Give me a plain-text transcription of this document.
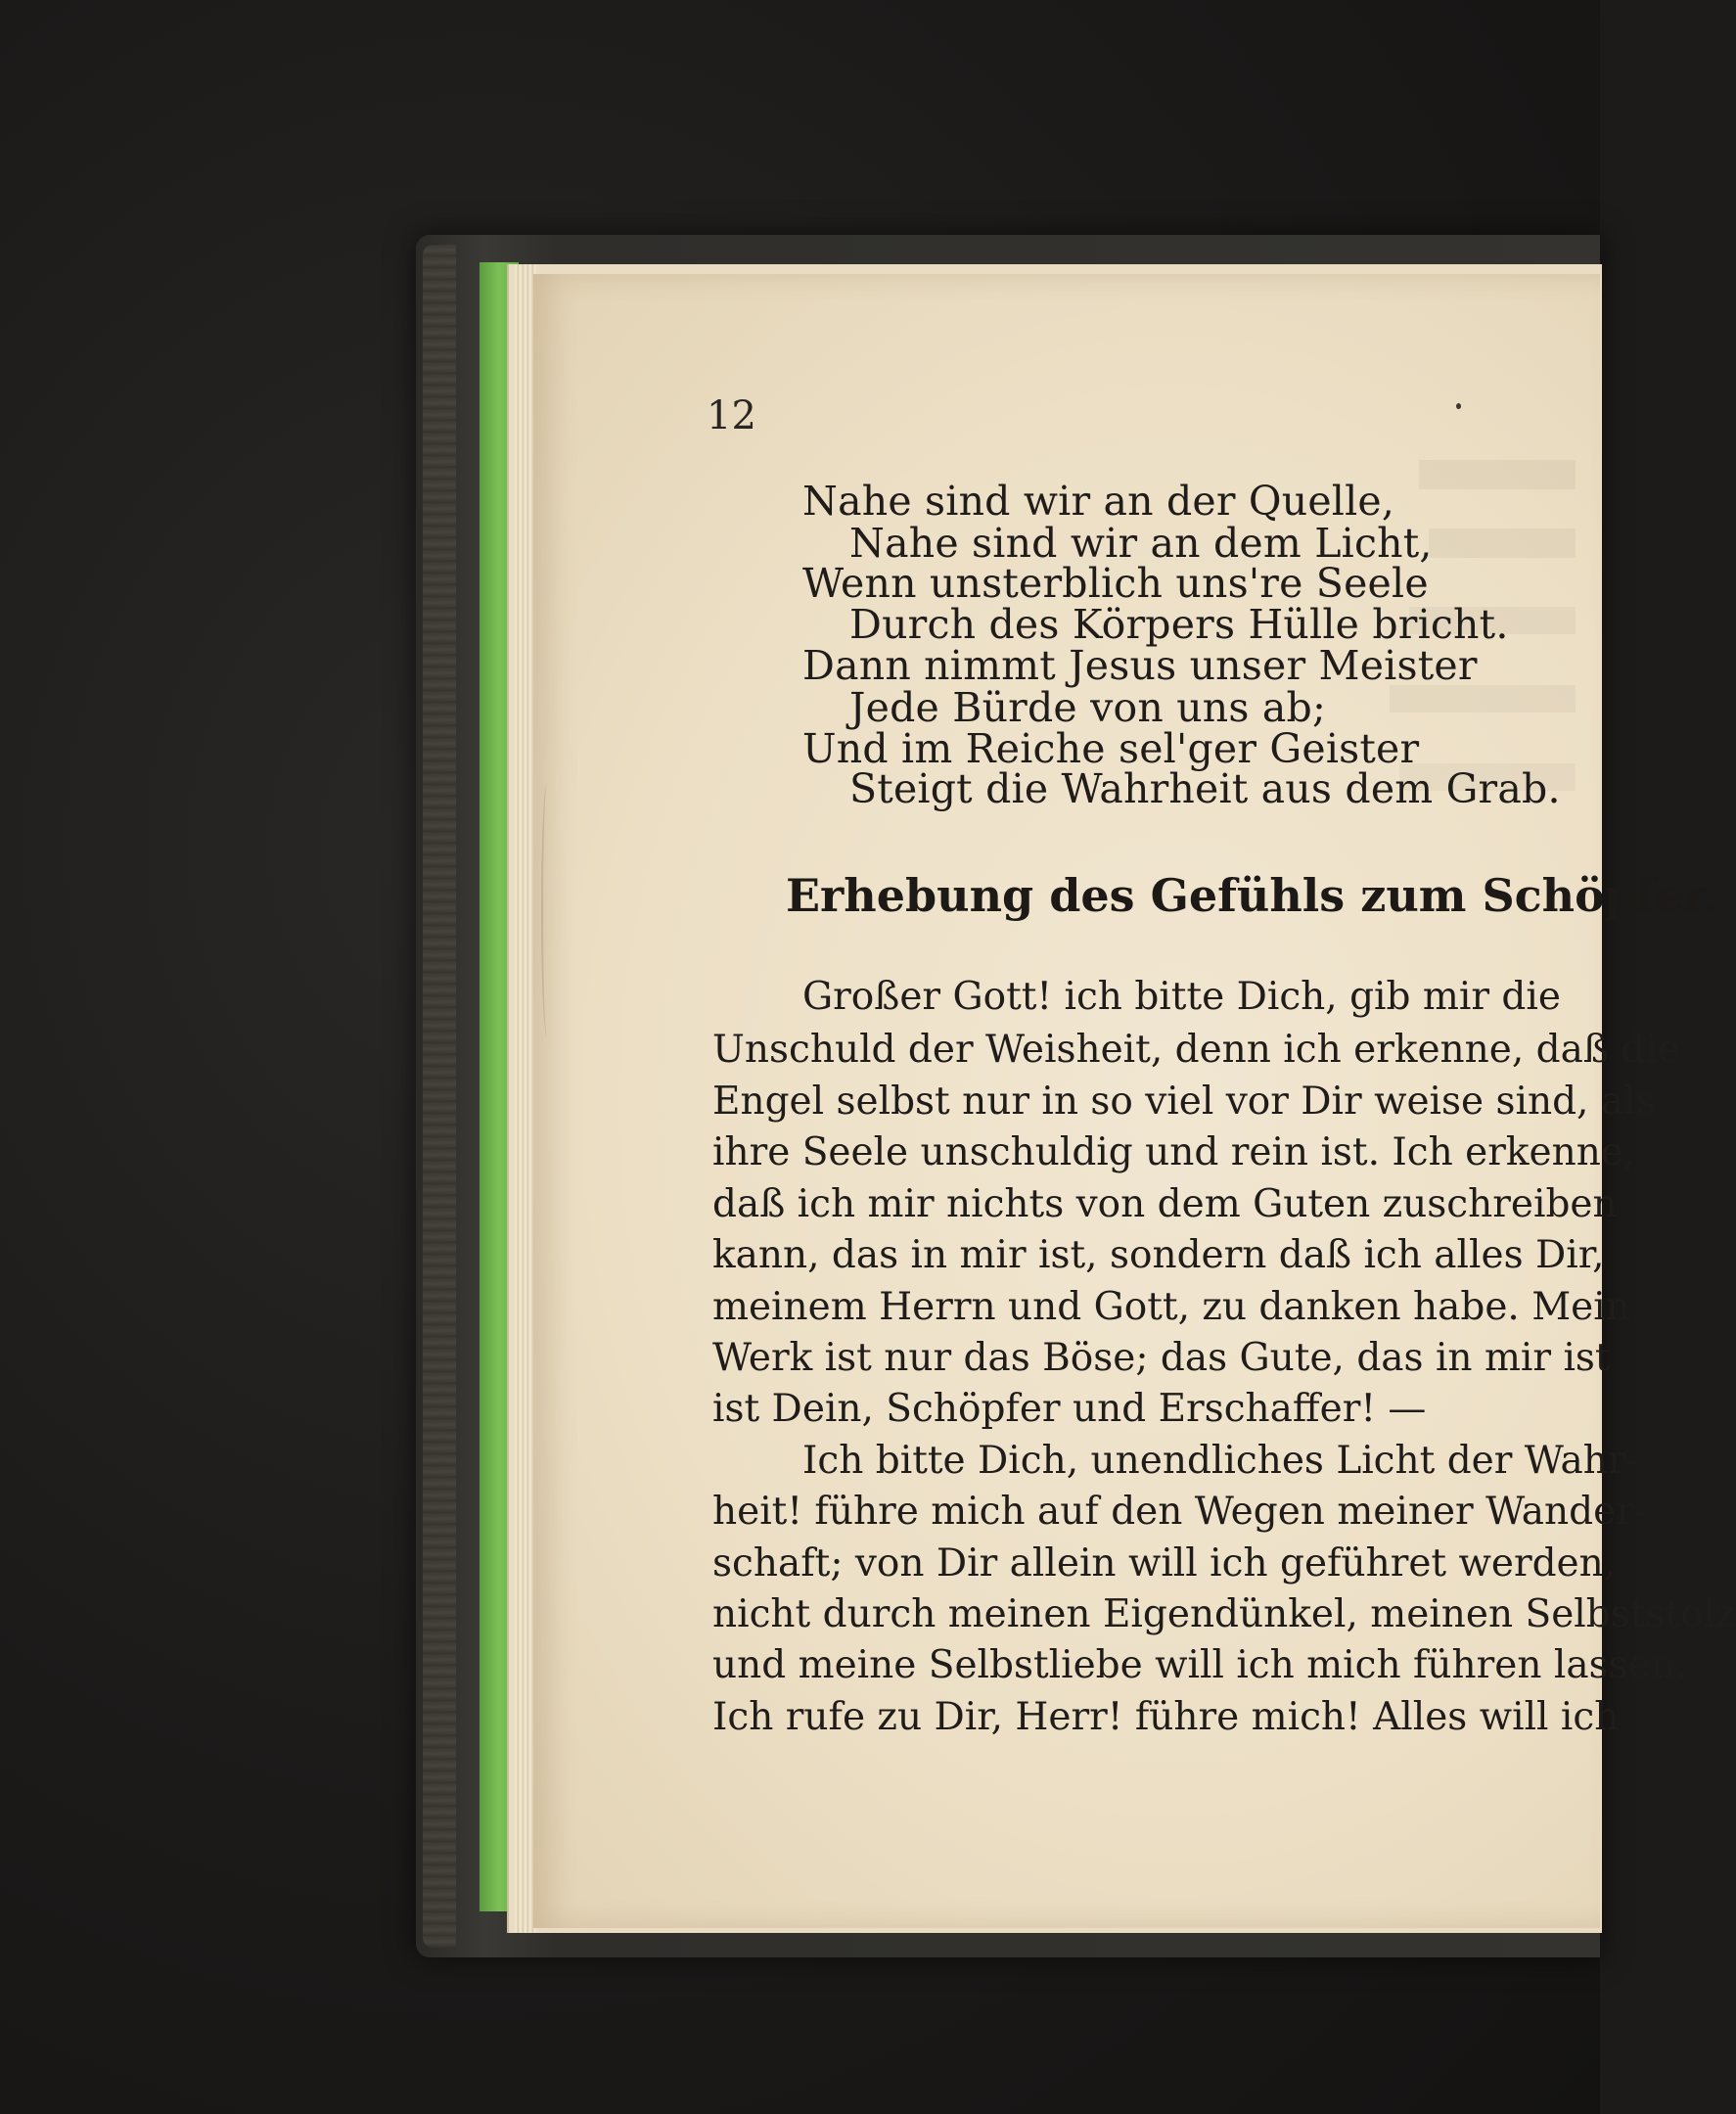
12
Nahe sind wir an der Quelle,
Nahe sind wir an dem Licht,
Wenn unsterblich uns're Seele
Durch des Körpers Hülle bricht.
Dann nimmt Jesus unser Meister
Jede Bürde von uns ab;
Und im Reiche sel'ger Geister
Steigt die Wahrheit aus dem Grab.
Erhebung des Gefühls zum Schöpfer.
Großer Gott! ich bitte Dich, gib mir die
Unschuld der Weisheit, denn ich erkenne, daß die
Engel selbst nur in so viel vor Dir weise sind, als
ihre Seele unschuldig und rein ist. Ich erkenne,
daß ich mir nichts von dem Guten zuschreiben
kann, das in mir ist, sondern daß ich alles Dir,
meinem Herrn und Gott, zu danken habe. Mein
Werk ist nur das Böse; das Gute, das in mir ist
ist Dein, Schöpfer und Erschaffer! —
Ich bitte Dich, unendliches Licht der Wahr-
heit! führe mich auf den Wegen meiner Wander-
schaft; von Dir allein will ich geführet werden,
nicht durch meinen Eigendünkel, meinen Selbststolz
und meine Selbstliebe will ich mich führen lassen.
Ich rufe zu Dir, Herr! führe mich! Alles will ich
